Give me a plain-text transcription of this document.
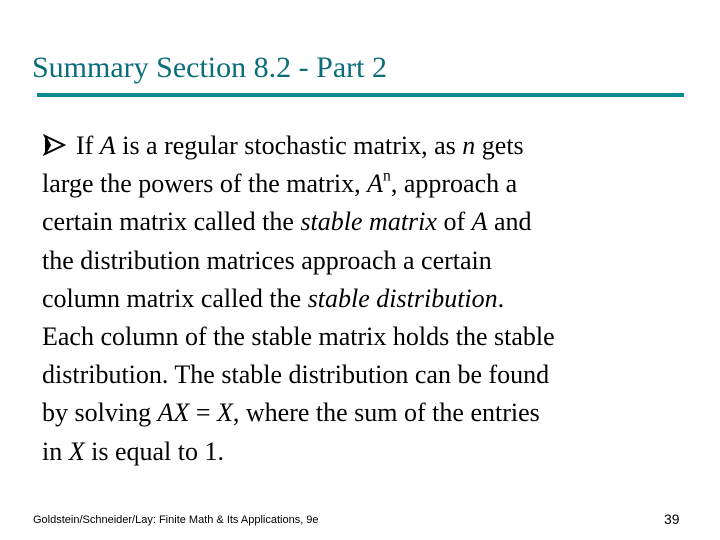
Summary Section 8.2 - Part 2
If A is a regular stochastic matrix, as n gets
large the powers of the matrix, $A^n$, approach a
certain matrix called the stable matrix of A and
the distribution matrices approach a certain
column matrix called the stable distribution.
Each column of the stable matrix holds the stable
distribution. The stable distribution can be found
by solving AX = X, where the sum of the entries
in X is equal to 1.
Goldstein/Schneider/Lay: Finite Math & Its Applications, 9e	39
